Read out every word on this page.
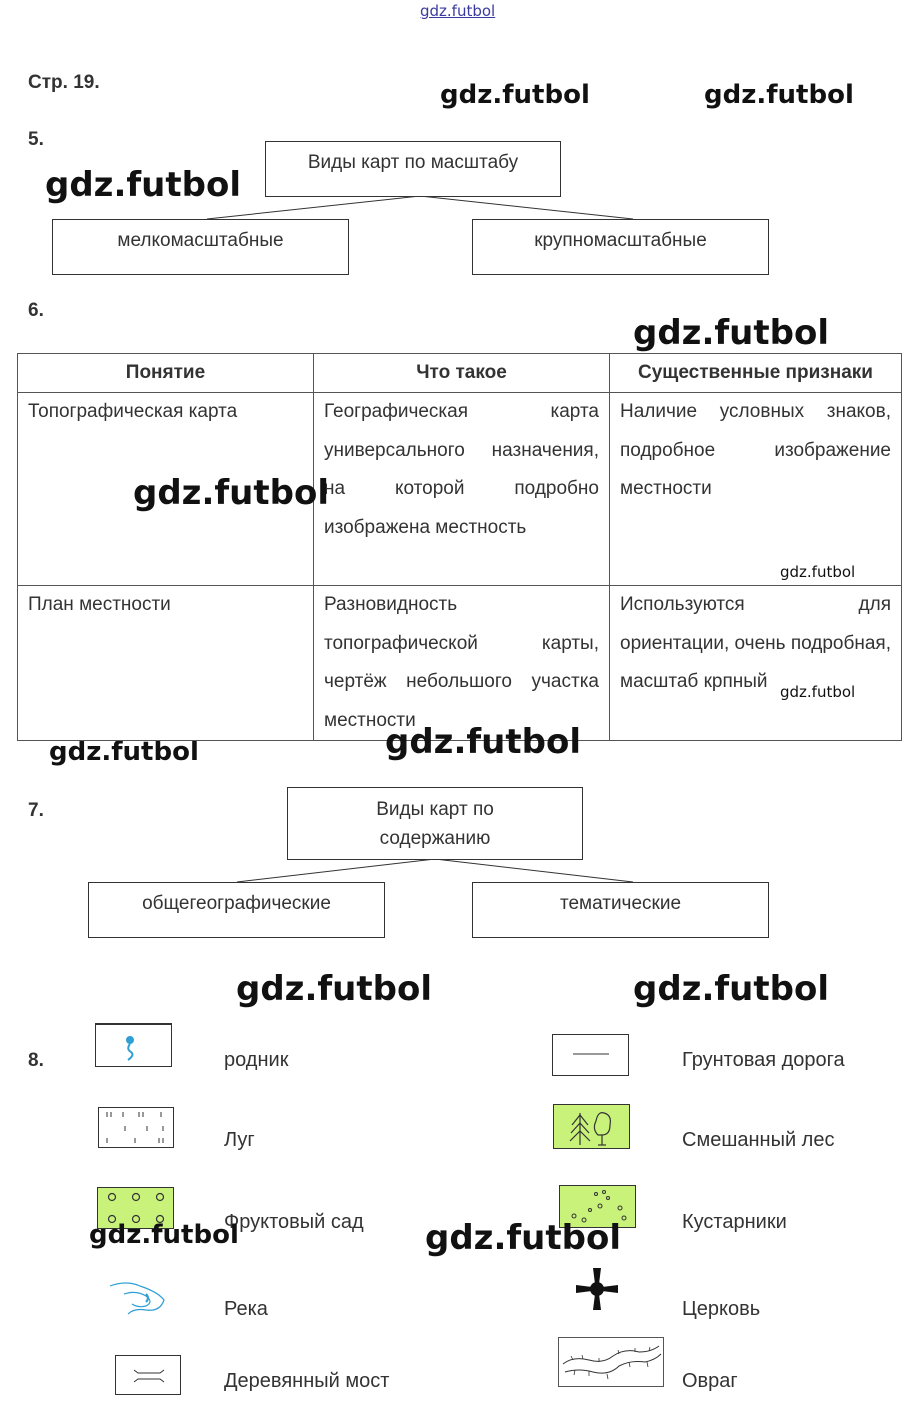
gdz.futbol
gdz.futbol	gdz.futbol
gdz.futbol
gdz.futbol
gdz.futbol
gdz.futbol
gdz.futbol
gdz.futbol	gdz.futbol
gdz.futbol	gdz.futbol
gdz.futbol	gdz.futbol
Стр. 19.
5.
Виды карт по масштабу
мелкомасштабные	крупномасштабные
6.
Понятие	Что такое	Существенные признаки
Топографическая карта	Географическая карта универсального назначения, на которой подробно изображена местность	Наличие условных знаков, подробное изображение местности
План местности	Разновидность топографической карты, чертёж небольшого участка местности	Используются для ориентации, очень подробная, масштаб крпный
7.	Виды карт по содержанию
общегеографические	тематические
8.	родник
Луг
Фруктовый сад
Река
Деревянный мост
Грунтовая дорога
Смешанный лес
Кустарники
Церковь
Овраг
